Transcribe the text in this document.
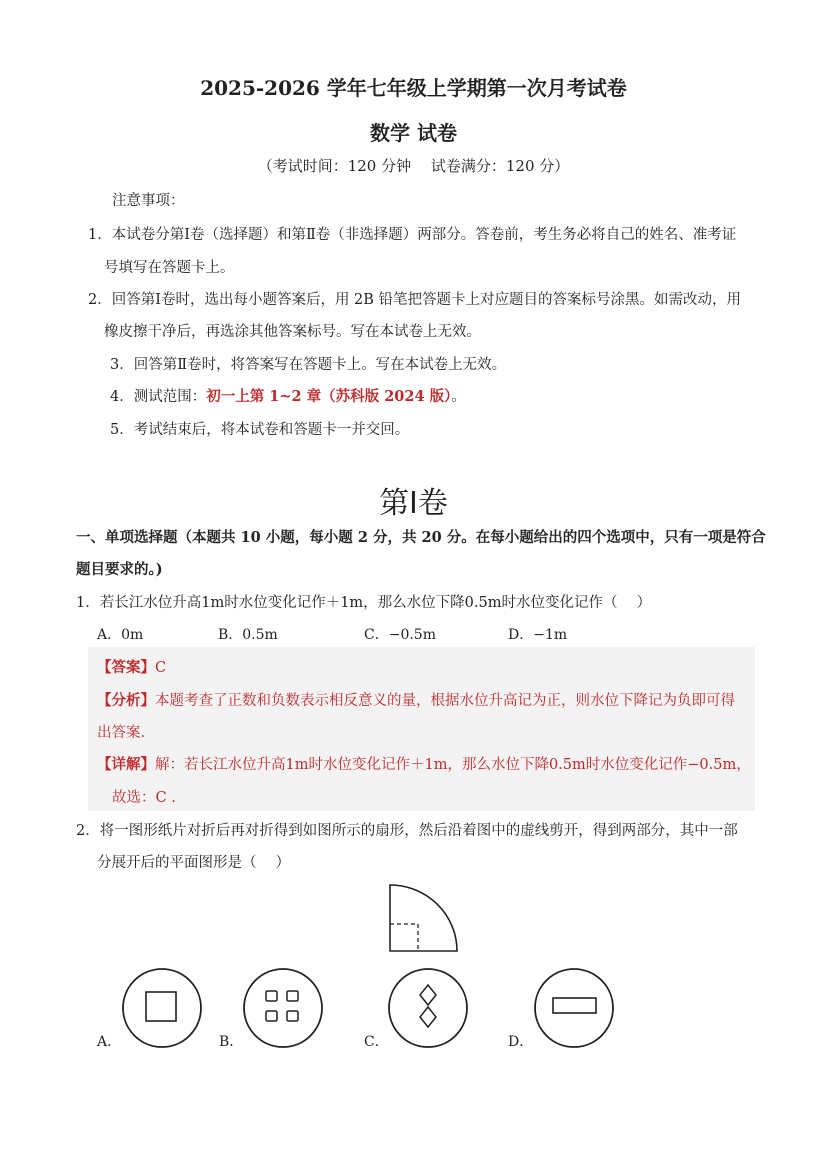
2025-2026 学年七年级上学期第一次月考试卷
数学 试卷
（考试时间：120 分钟　 试卷满分：120 分）
注意事项：
1．本试卷分第Ⅰ卷（选择题）和第Ⅱ卷（非选择题）两部分。答卷前，考生务必将自己的姓名、准考证
号填写在答题卡上。
2．回答第Ⅰ卷时，选出每小题答案后，用 2B 铅笔把答题卡上对应题目的答案标号涂黑。如需改动，用
橡皮擦干净后，再选涂其他答案标号。写在本试卷上无效。
3．回答第Ⅱ卷时，将答案写在答题卡上。写在本试卷上无效。
4．测试范围：初一上第 1~2 章（苏科版 2024 版）。
5．考试结束后，将本试卷和答题卡一并交回。
第Ⅰ卷
一、单项选择题（本题共 10 小题，每小题 2 分，共 20 分。在每小题给出的四个选项中，只有一项是符合
题目要求的。)
1．若长江水位升高1m时水位变化记作＋1m，那么水位下降0.5m时水位变化记作（　 ）
A．0m	B．0.5m	C．−0.5m	D．−1m
【答案】C
【分析】本题考查了正数和负数表示相反意义的量，根据水位升高记为正，则水位下降记为负即可得
出答案.
【详解】解：若长江水位升高1m时水位变化记作＋1m，那么水位下降0.5m时水位变化记作−0.5m，
故选：C .
2．将一图形纸片对折后再对折得到如图所示的扇形，然后沿着图中的虚线剪开，得到两部分，其中一部
分展开后的平面图形是（　 ）
A．	B．	C．	D．
